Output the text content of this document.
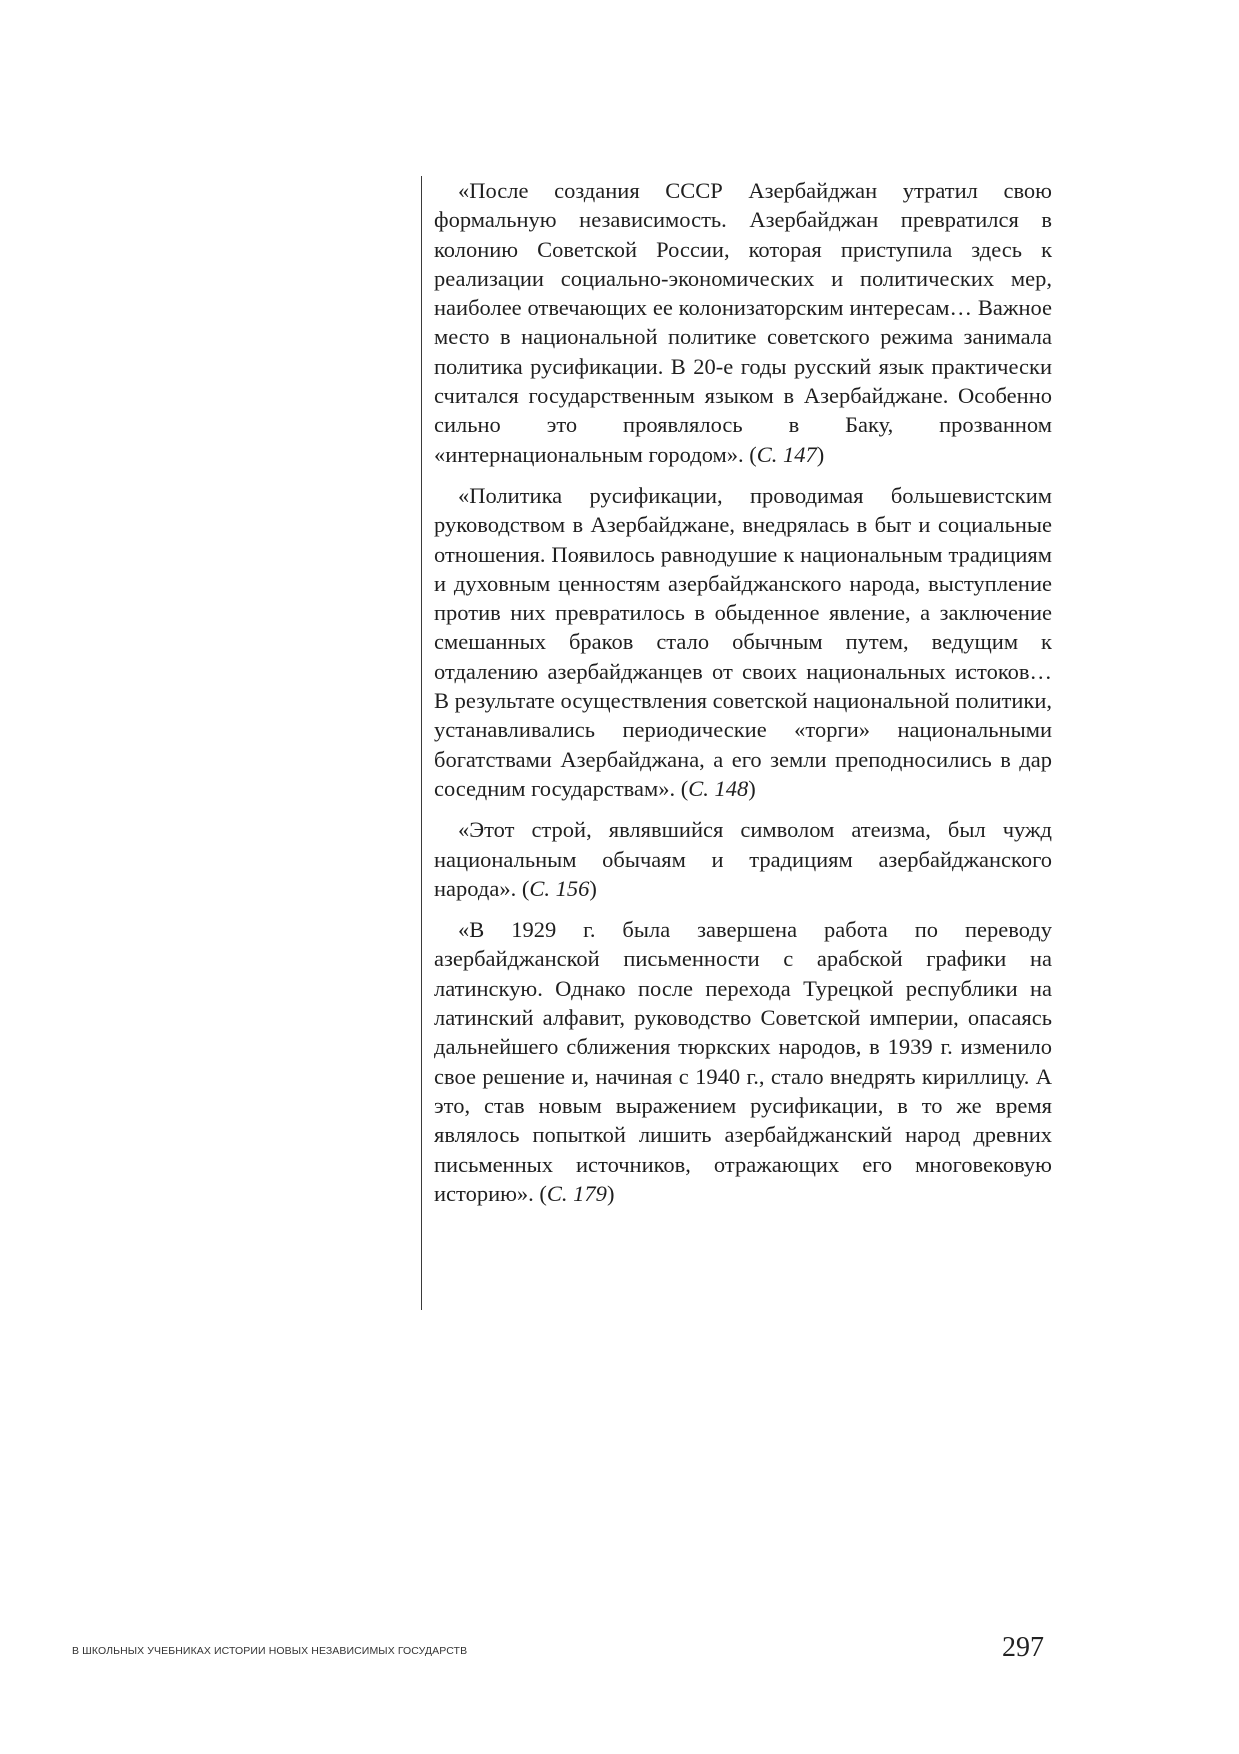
«После создания СССР Азербайджан утратил свою формальную независимость. Азербайджан превратился в колонию Советской России, которая приступила здесь к реализации социально-экономических и политических мер, наиболее отвечающих ее колонизаторским интересам… Важное место в национальной политике советского режима занимала политика русификации. В 20-е годы русский язык практически считался государственным языком в Азербайджане. Особенно сильно это проявлялось в Баку, прозванном «интернациональным городом». (С. 147)

«Политика русификации, проводимая большевистским руководством в Азербайджане, внедрялась в быт и социальные отношения. Появилось равнодушие к национальным традициям и духовным ценностям азербайджанского народа, выступление против них превратилось в обыденное явление, а заключение смешанных браков стало обычным путем, ведущим к отдалению азербайджанцев от своих национальных истоков… В результате осуществления советской национальной политики, устанавливались периодические «торги» национальными богатствами Азербайджана, а его земли преподносились в дар соседним государствам». (С. 148)

«Этот строй, являвшийся символом атеизма, был чужд национальным обычаям и традициям азербайджанского народа». (С. 156)

«В 1929 г. была завершена работа по переводу азербайджанской письменности с арабской графики на латинскую. Однако после перехода Турецкой республики на латинский алфавит, руководство Советской империи, опасаясь дальнейшего сближения тюркских народов, в 1939 г. изменило свое решение и, начиная с 1940 г., стало внедрять кириллицу. А это, став новым выражением русификации, в то же время являлось попыткой лишить азербайджанский народ древних письменных источников, отражающих его многовековую историю». (С. 179)

В ШКОЛЬНЫХ УЧЕБНИКАХ ИСТОРИИ НОВЫХ НЕЗАВИСИМЫХ ГОСУДАРСТВ	297
